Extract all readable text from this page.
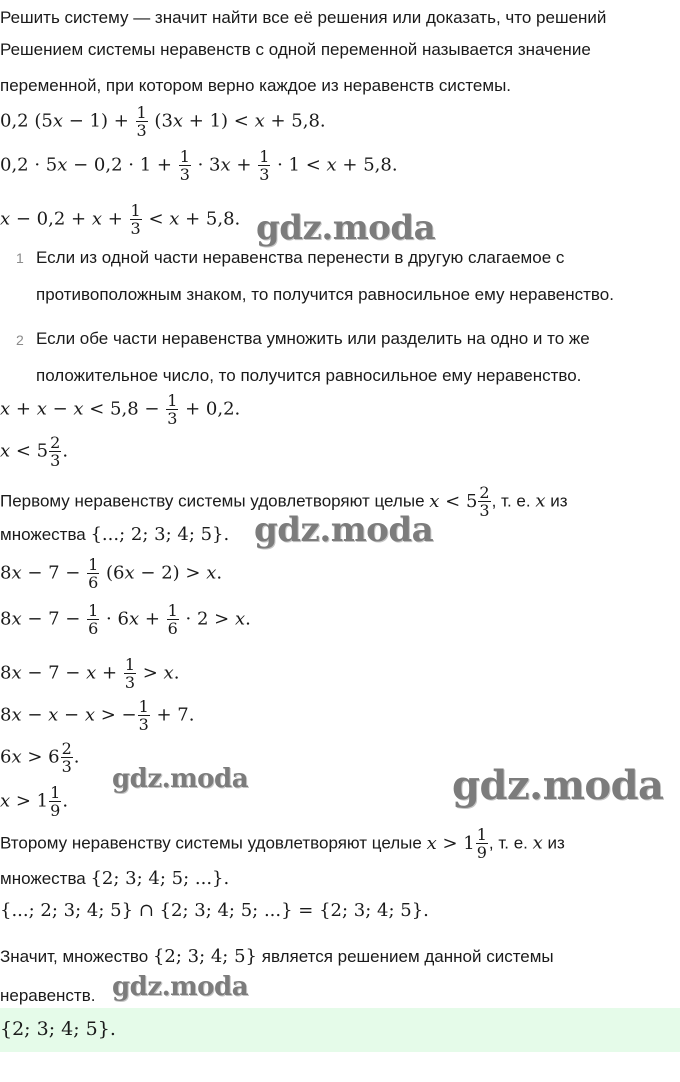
Решить систему — значит найти все её решения или доказать, что решений
Решением системы неравенств с одной переменной называется значение
переменной, при котором верно каждое из неравенств системы.
0,2 $(5x - 1) + \frac{1}{3} (3x + 1) < x + 5,8$.
$0,2 \cdot 5x - 0,2 \cdot 1 + \frac{1}{3} \cdot 3x + \frac{1}{3} \cdot 1 < x + 5,8$.
$x - 0,2 + x + \frac{1}{3} < x + 5,8$. gdz.moda
1 Если из одной части неравенства перенести в другую слагаемое с
противоположным знаком, то получится равносильное ему неравенство.
2 Если обе части неравенства умножить или разделить на одно и то же
положительное число, то получится равносильное ему неравенство.
$x + x - x < 5,8 - \frac{1}{3} + 0,2$.
$x < 5 \frac{2}{3}$ .
Первому неравенству системы удовлетворяют целые $x < 5 \frac{2}{3}$ , т. е. x из
множества {...; 2; 3; 4; 5}. gdz.moda
$8x - 7 - \frac{1}{6} (6x - 2) > x$.
$8x - 7 - \frac{1}{6} \cdot 6x + \frac{1}{6} \cdot 2 > x$.
$8x - 7 - x + \frac{1}{3} > x$.
8x − x − x > − $\frac{1}{3} + 7$.
$6x > 6 \frac{2}{3}$ .
gdz.moda	gdz.moda
$x > 1 \frac{1}{9}$ .
Второму неравенству системы удовлетворяют целые $x > 1 \frac{1}{9}$ , т. е. x из
множества {2; 3; 4; 5; ...}.
{...; 2; 3; 4; 5} ∩ {2; 3; 4; 5; ...} = {2; 3; 4; 5}.
Значит, множество {2; 3; 4; 5} является решением данной системы
неравенств. gdz.moda
{2; 3; 4; 5}.
